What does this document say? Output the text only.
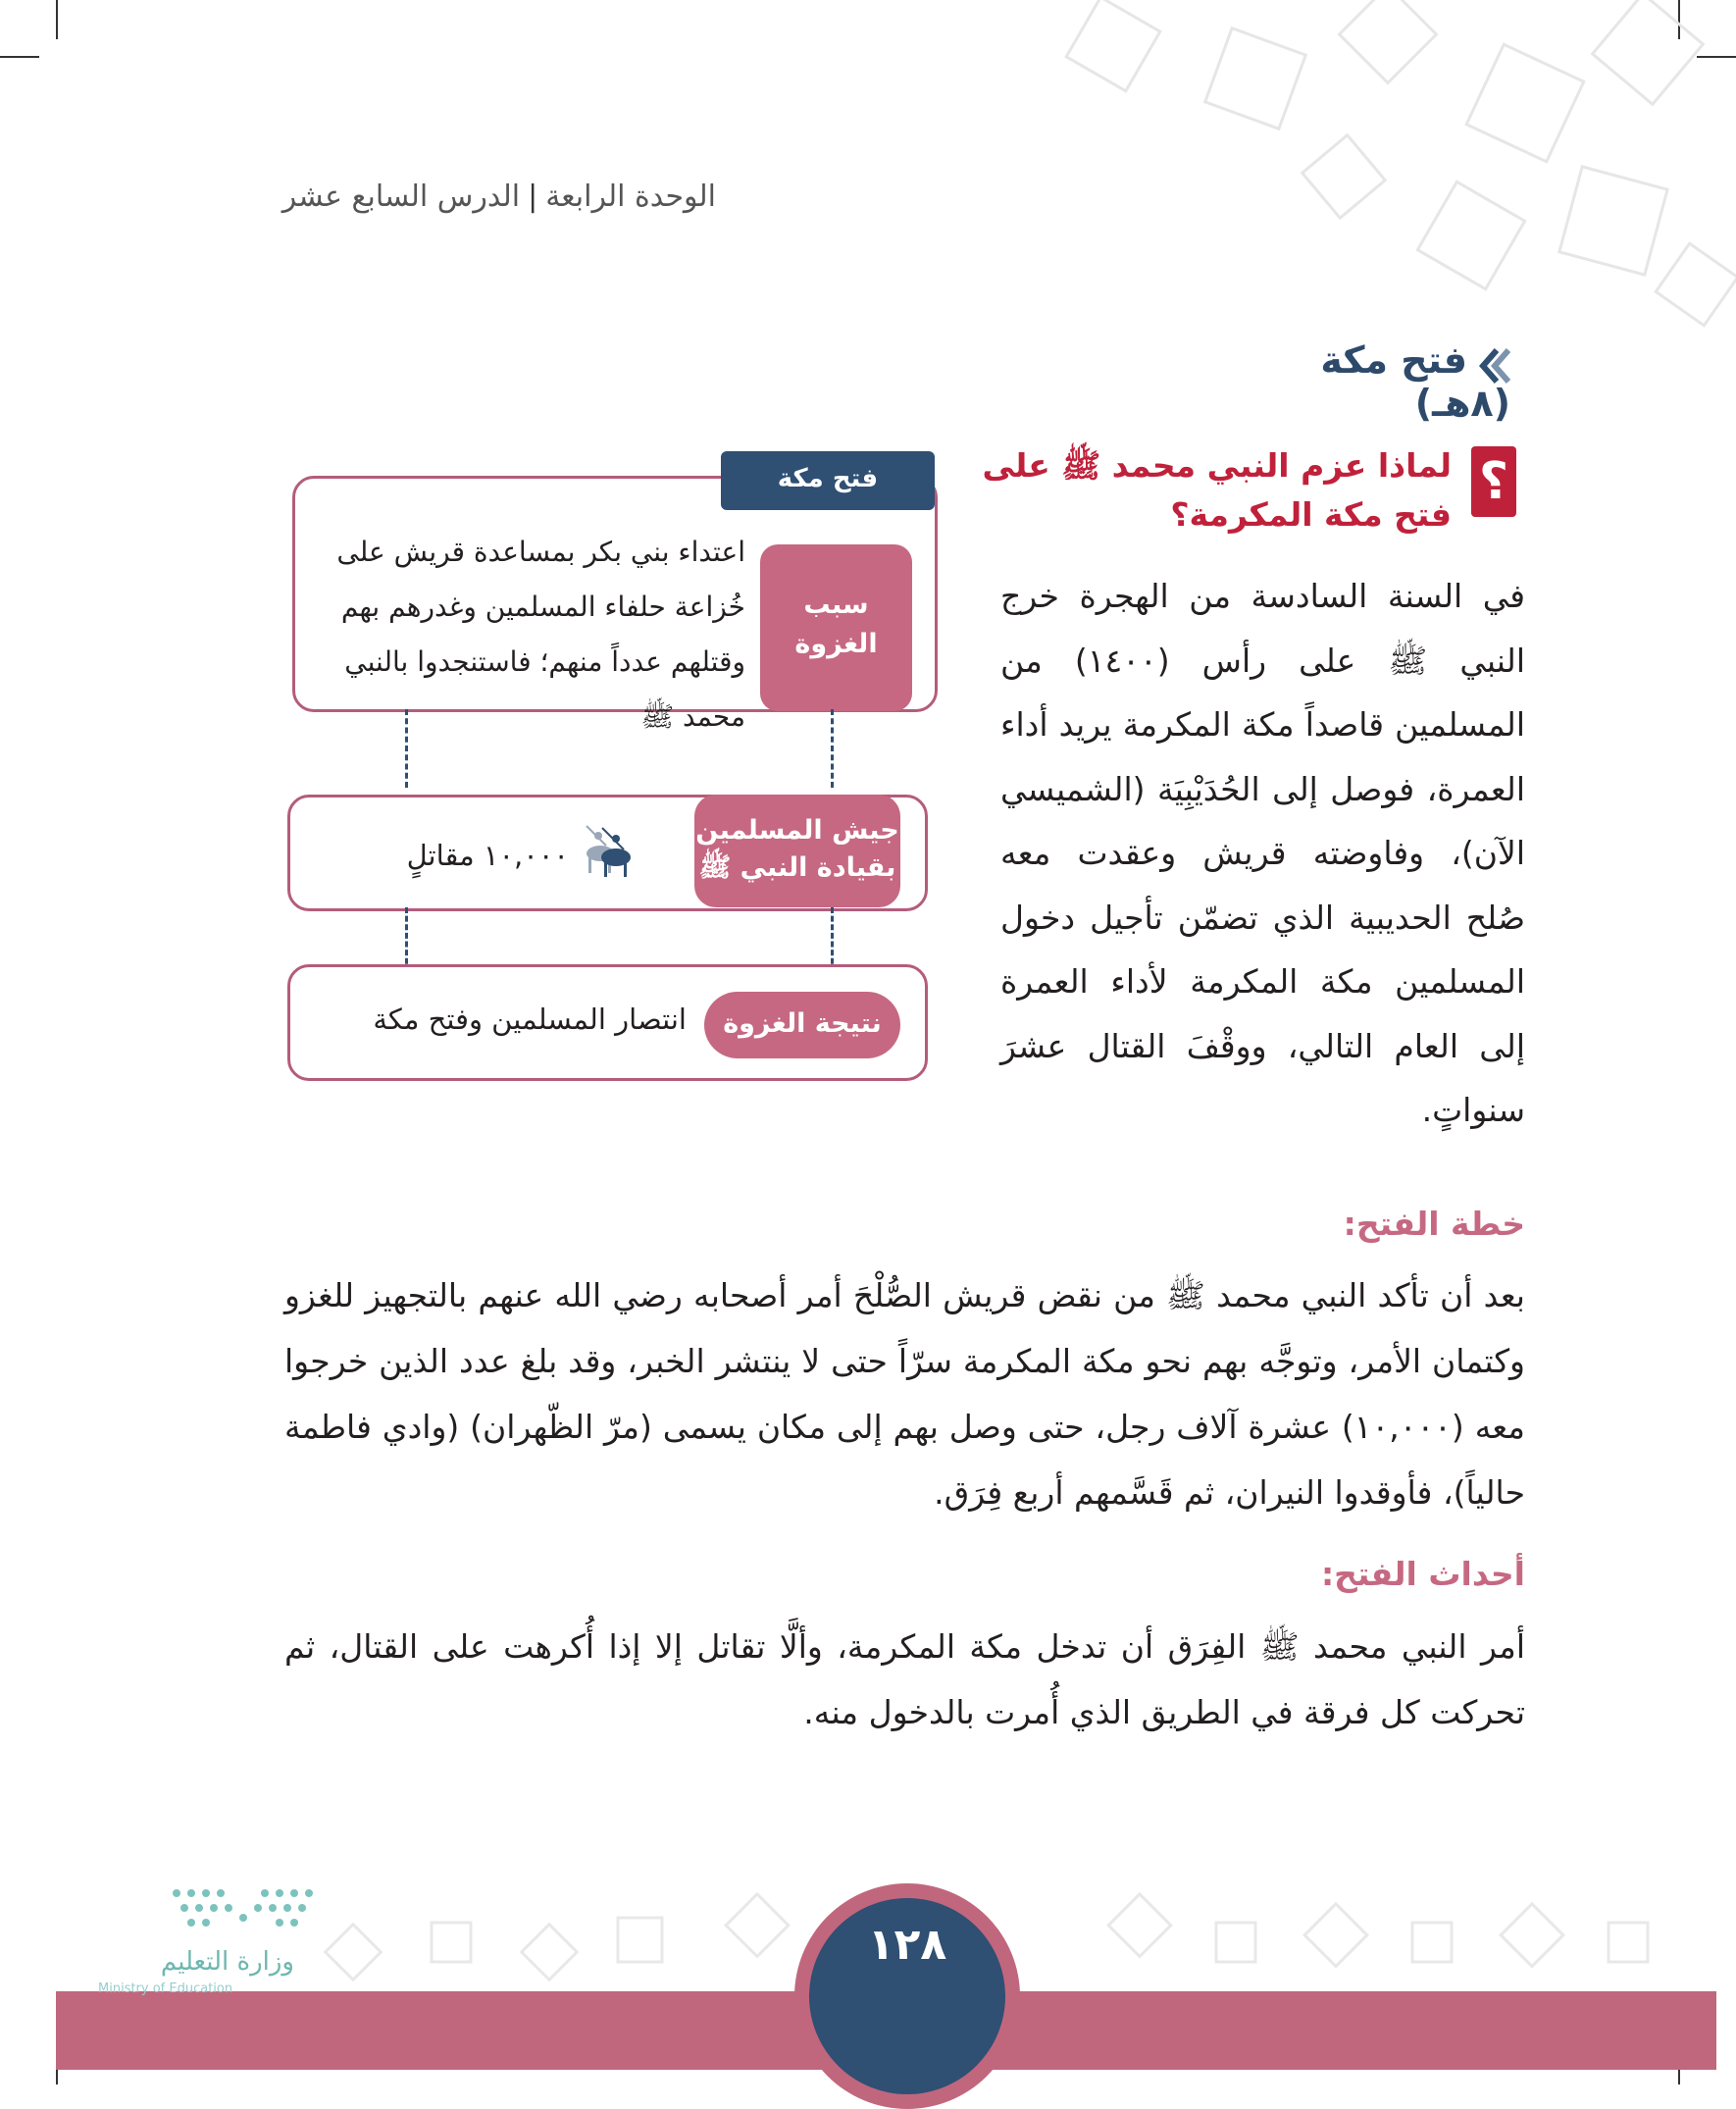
الوحدة الرابعة|الدرس السابع عشر
فتح مكة (٨هـ)
؟
لماذا عزم النبي محمد ﷺ على فتح مكة المكرمة؟
في السنة السادسة من الهجرة خرج النبي ﷺ على رأس (١٤٠٠) من المسلمين قاصداً مكة المكرمة يريد أداء العمرة، فوصل إلى الحُدَيْبِيَة (الشميسي الآن)، وفاوضته قريش وعقدت معه صُلح الحديبية الذي تضمّن تأجيل دخول المسلمين مكة المكرمة لأداء العمرة إلى العام التالي، ووقْفَ القتال عشرَ سنواتٍ.
سبب الغزوة
اعتداء بني بكر بمساعدة قريش على خُزاعة حلفاء المسلمين وغدرهم بهم وقتلهم عدداً منهم؛ فاستنجدوا بالنبي محمد ﷺ
فتح مكة
جيش المسلمين بقيادة النبي ﷺ
١٠,٠٠٠ مقاتلٍ
نتيجة الغزوة
انتصار المسلمين وفتح مكة
خطة الفتح:
بعد أن تأكد النبي محمد ﷺ من نقض قريش الصُّلْحَ أمر أصحابه رضي الله عنهم بالتجهيز للغزو وكتمان الأمر، وتوجَّه بهم نحو مكة المكرمة سرّاً حتى لا ينتشر الخبر، وقد بلغ عدد الذين خرجوا معه (١٠,٠٠٠) عشرة آلاف رجل، حتى وصل بهم إلى مكان يسمى (مرّ الظّهران) (وادي فاطمة حالياً)، فأوقدوا النيران، ثم قَسَّمهم أربع فِرَق.
أحداث الفتح:
أمر النبي محمد ﷺ الفِرَق أن تدخل مكة المكرمة، وألَّا تقاتل إلا إذا أُكرهت على القتال، ثم تحركت كل فرقة في الطريق الذي أُمرت بالدخول منه.
١٢٨
وزارة التعليم
Ministry of Education
